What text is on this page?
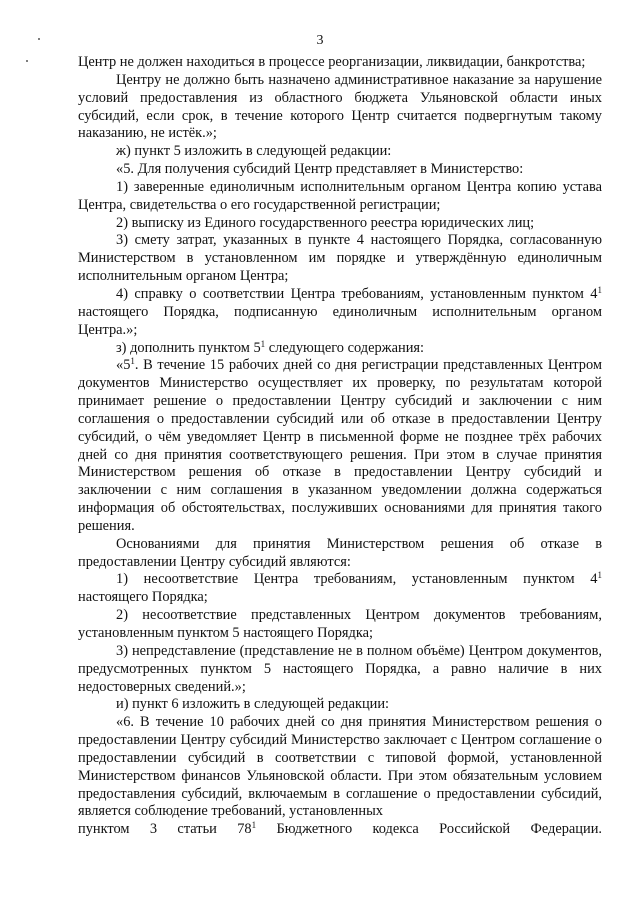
3
Центр не должен находиться в процессе реорганизации, ликвидации, банкротства;
Центру не должно быть назначено административное наказание за нарушение условий предоставления из областного бюджета Ульяновской области иных субсидий, если срок, в течение которого Центр считается подвергнутым такому наказанию, не истёк.»;
ж) пункт 5 изложить в следующей редакции:
«5. Для получения субсидий Центр представляет в Министерство:
1) заверенные единоличным исполнительным органом Центра копию устава Центра, свидетельства о его государственной регистрации;
2) выписку из Единого государственного реестра юридических лиц;
3) смету затрат, указанных в пункте 4 настоящего Порядка, согласованную Министерством в установленном им порядке и утверждённую единоличным исполнительным органом Центра;
4) справку о соответствии Центра требованиям, установленным пунктом $4^1$ настоящего Порядка, подписанную единоличным исполнительным органом Центра.»;
з) дополнить пунктом $5^1$ следующего содержания:
«$5^1$. В течение 15 рабочих дней со дня регистрации представленных Центром документов Министерство осуществляет их проверку, по результатам которой принимает решение о предоставлении Центру субсидий и заключении с ним соглашения о предоставлении субсидий или об отказе в предоставлении Центру субсидий, о чём уведомляет Центр в письменной форме не позднее трёх рабочих дней со дня принятия соответствующего решения. При этом в случае принятия Министерством решения об отказе в предоставлении Центру субсидий и заключении с ним соглашения в указанном уведомлении должна содержаться информация об обстоятельствах, послуживших основаниями для принятия такого решения.
Основаниями для принятия Министерством решения об отказе в предоставлении Центру субсидий являются:
1) несоответствие Центра требованиям, установленным пунктом $4^1$ настоящего Порядка;
2) несоответствие представленных Центром документов требованиям, установленным пунктом 5 настоящего Порядка;
3) непредставление (представление не в полном объёме) Центром документов, предусмотренных пунктом 5 настоящего Порядка, а равно наличие в них недостоверных сведений.»;
и) пункт 6 изложить в следующей редакции:
«6. В течение 10 рабочих дней со дня принятия Министерством решения о предоставлении Центру субсидий Министерство заключает с Центром соглашение о предоставлении субсидий в соответствии с типовой формой, установленной Министерством финансов Ульяновской области. При этом обязательным условием предоставления субсидий, включаемым в соглашение о предоставлении субсидий, является соблюдение требований, установленных
пунктом 3 статьи $78^1$ Бюджетного кодекса Российской Федерации.
